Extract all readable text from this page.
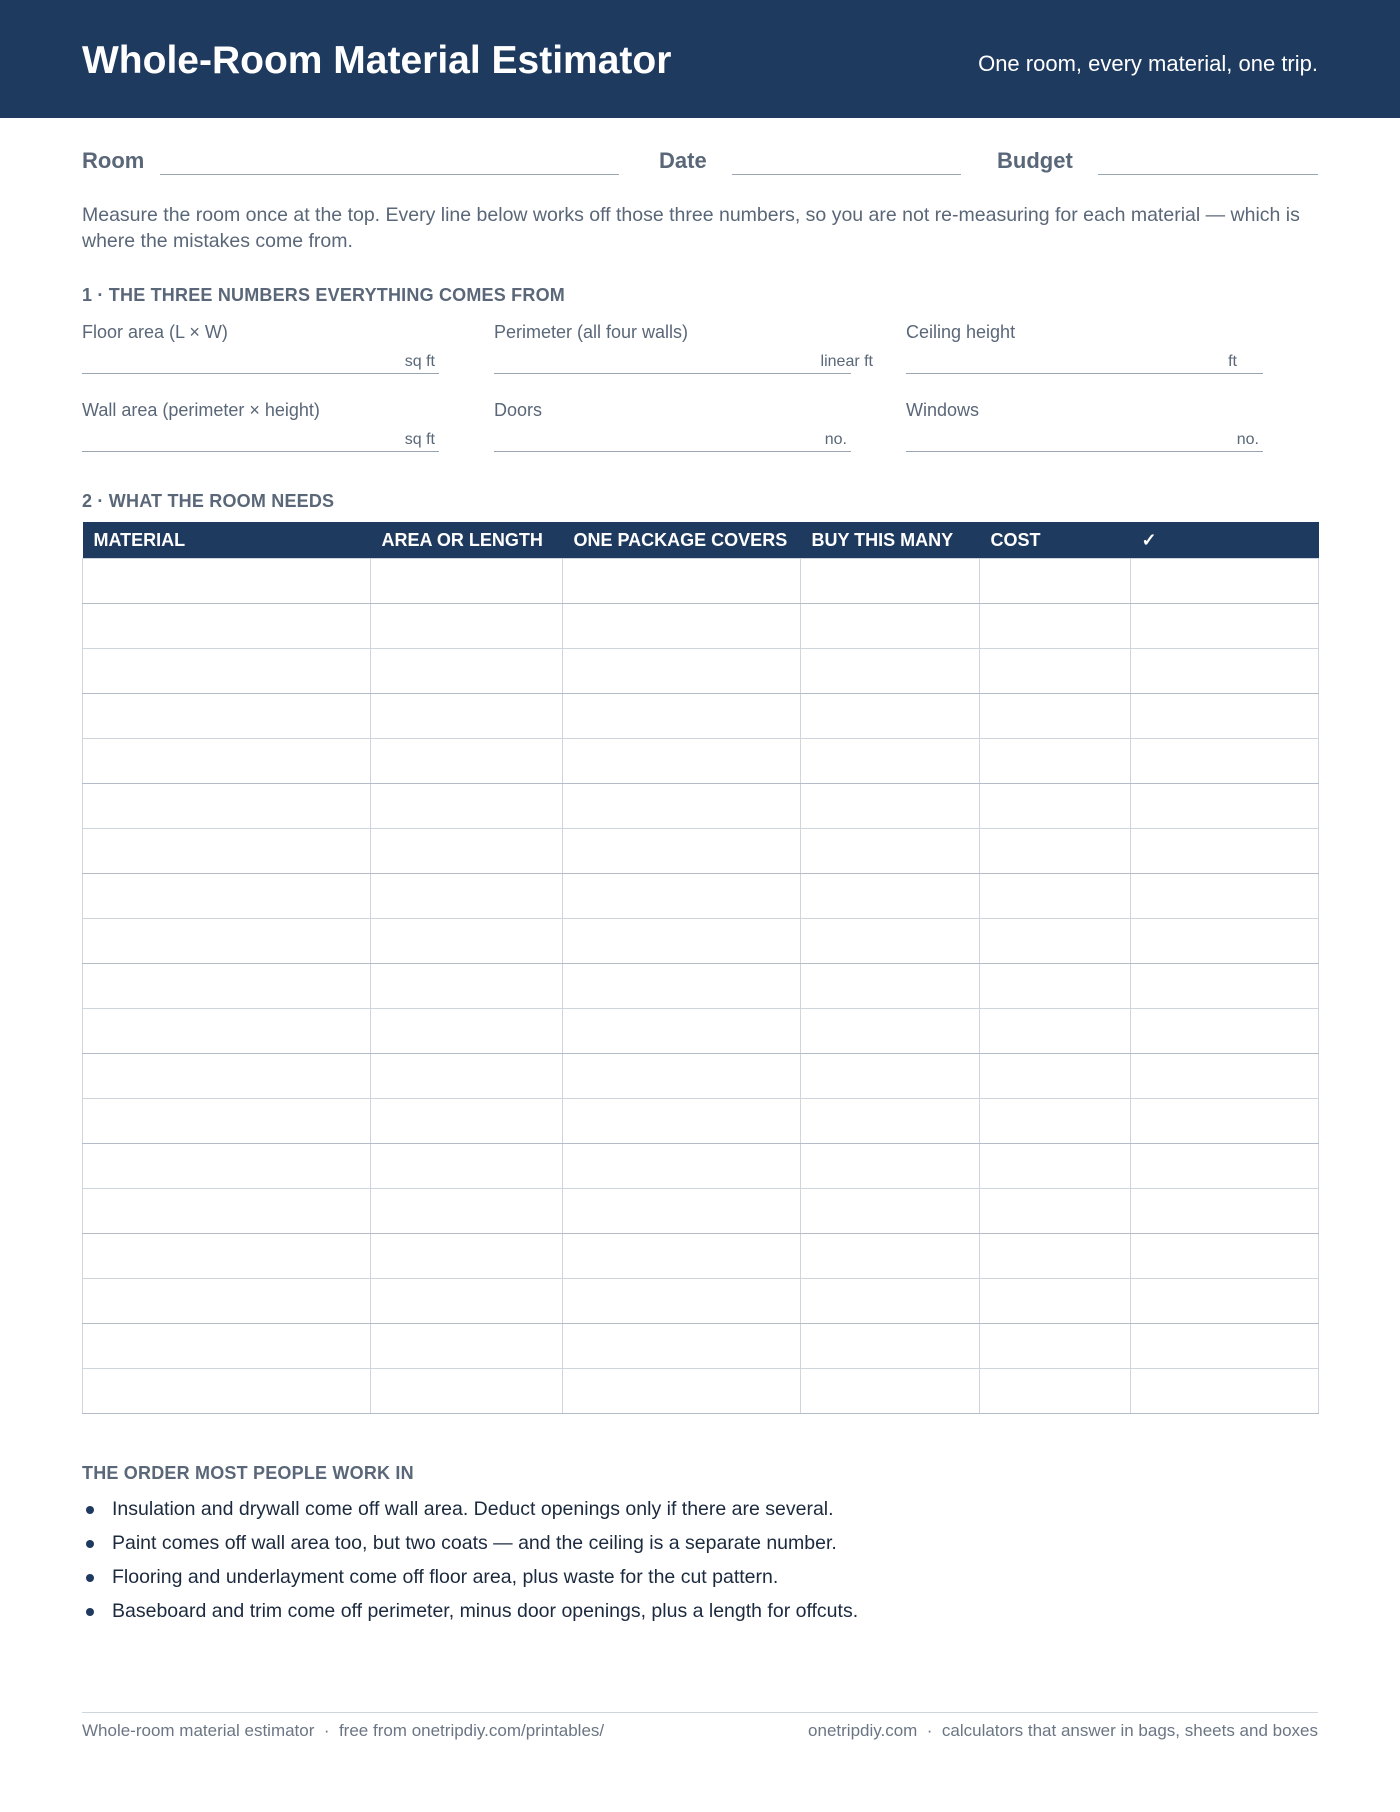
Whole-Room Material Estimator	One room, every material, one trip.
Room	Date	Budget
Measure the room once at the top. Every line below works off those three numbers, so you are not re-measuring for each material — which is where the mistakes come from.
1 · THE THREE NUMBERS EVERYTHING COMES FROM
Floor area (L × W)
sq ft
Perimeter (all four walls)
linear ft
Ceiling height
ft
Wall area (perimeter × height)
sq ft
Doors
no.
Windows
no.
2 · WHAT THE ROOM NEEDS
MATERIAL	AREA OR LENGTH	ONE PACKAGE COVERS	BUY THIS MANY	COST	✓

THE ORDER MOST PEOPLE WORK IN
Insulation and drywall come off wall area. Deduct openings only if there are several.
Paint comes off wall area too, but two coats — and the ceiling is a separate number.
Flooring and underlayment come off floor area, plus waste for the cut pattern.
Baseboard and trim come off perimeter, minus door openings, plus a length for offcuts.
Whole-room material estimator  ·  free from onetripdiy.com/printables/	onetripdiy.com  ·  calculators that answer in bags, sheets and boxes
